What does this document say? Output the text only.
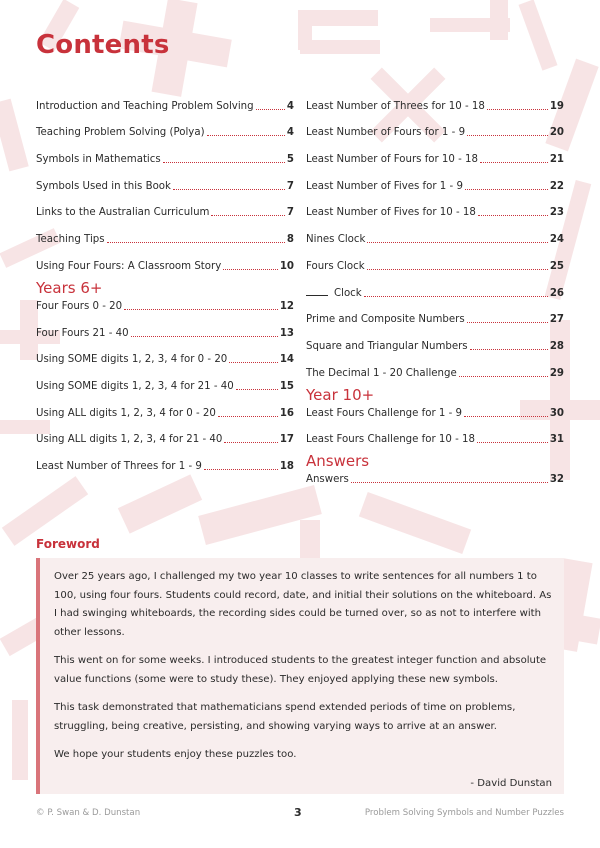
Contents
Introduction and Teaching Problem Solving	4
Teaching Problem Solving (Polya)	4
Symbols in Mathematics	5
Symbols Used in this Book	7
Links to the Australian Curriculum	7
Teaching Tips	8
Using Four Fours: A Classroom Story	10
Years 6+
Four Fours 0 - 20	12
Four Fours 21 - 40	13
Using SOME digits 1, 2, 3, 4 for 0 - 20	14
Using SOME digits 1, 2, 3, 4 for 21 - 40	15
Using ALL digits 1, 2, 3, 4 for 0 - 20	16
Using ALL digits 1, 2, 3, 4 for 21 - 40	17
Least Number of Threes for 1 - 9	18
Least Number of Threes for 10 - 18	19
Least Number of Fours for 1 - 9	20
Least Number of Fours for 10 - 18	21
Least Number of Fives for 1 - 9	22
Least Number of Fives for 10 - 18	23
Nines Clock	24
Fours Clock	25
Clock	26
Prime and Composite Numbers	27
Square and Triangular Numbers	28
The Decimal 1 - 20 Challenge	29
Year 10+
Least Fours Challenge for 1 - 9	30
Least Fours Challenge for 10 - 18	31
Answers
Answers	32
Foreword

Over 25 years ago, I challenged my two year 10 classes to write sentences for all numbers 1 to 100, using four fours. Students could record, date, and initial their solutions on the whiteboard. As I had swinging whiteboards, the recording sides could be turned over, so as not to interfere with other lessons.

This went on for some weeks. I introduced students to the greatest integer function and absolute value functions (some were to study these). They enjoyed applying these new symbols.

This task demonstrated that mathematicians spend extended periods of time on problems, struggling, being creative, persisting, and showing varying ways to arrive at an answer.

We hope your students enjoy these puzzles too.

- David Dunstan

© P. Swan & D. Dunstan	3	Problem Solving Symbols and Number Puzzles
